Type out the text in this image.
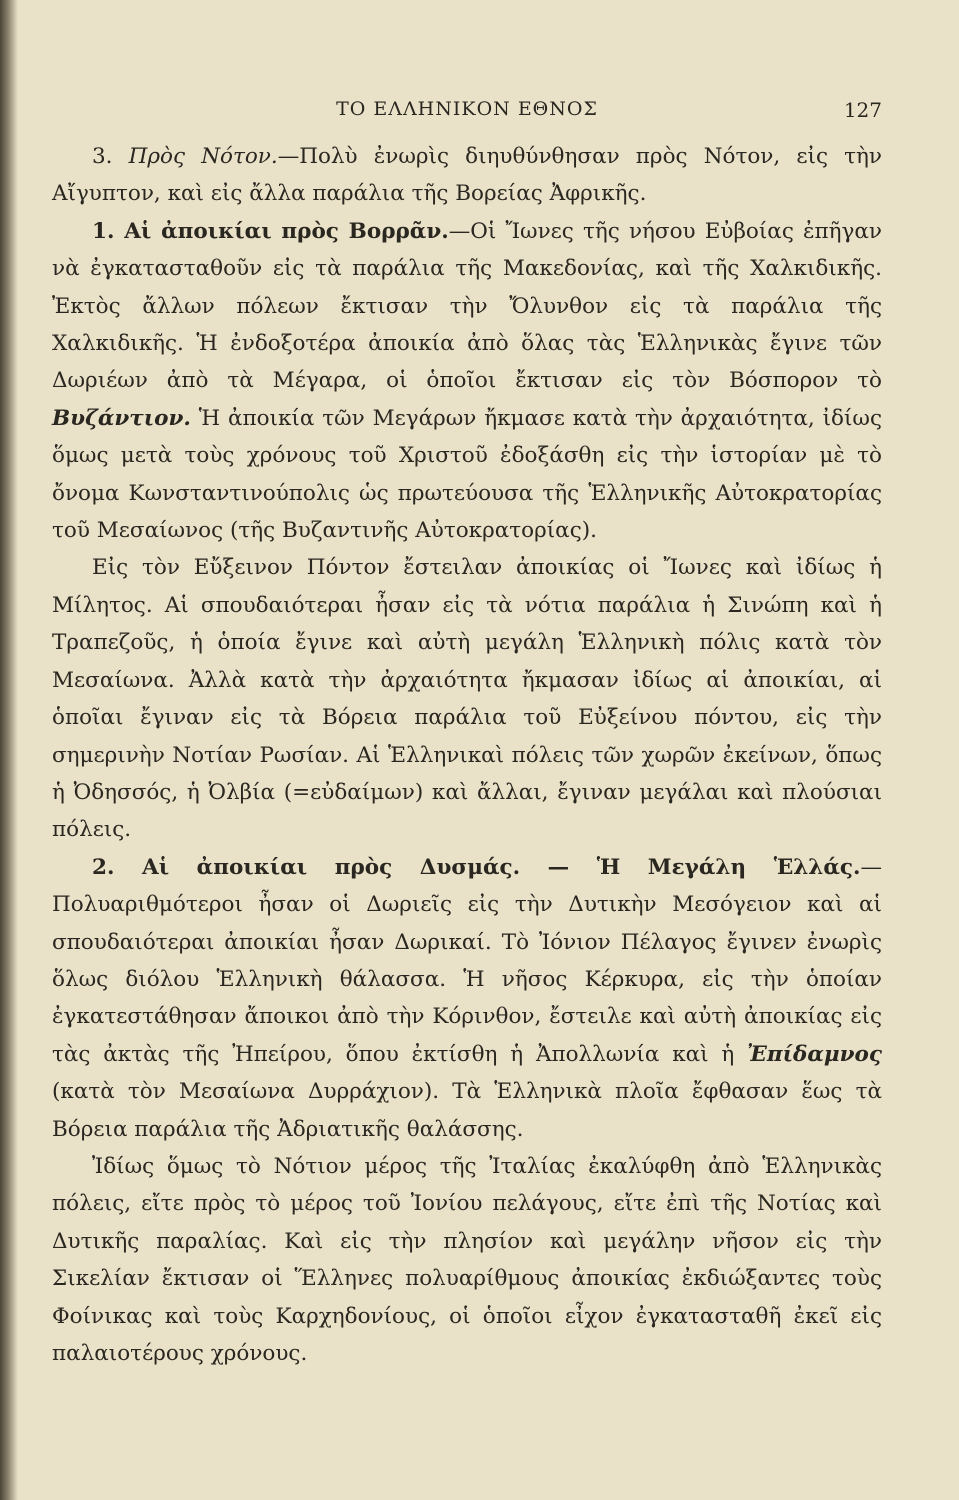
ΤΟ ΕΛΛΗΝΙΚΟΝ ΕΘΝΟΣ	127

3. Πρὸς Νότον.—Πολὺ ἐνωρὶς διηυθύνθησαν πρὸς Νότον, εἰς τὴν Αἴγυπτον, καὶ εἰς ἄλλα παράλια τῆς Βορείας Ἀφρικῆς.

1. Αἱ ἀποικίαι πρὸς Βορρᾶν.—Οἱ Ἴωνες τῆς νήσου Εὐβοίας ἐπῆγαν νὰ ἐγκατασταθοῦν εἰς τὰ παράλια τῆς Μακεδονίας, καὶ τῆς Χαλκιδικῆς. Ἐκτὸς ἄλλων πόλεων ἔκτισαν τὴν Ὄλυνθον εἰς τὰ παράλια τῆς Χαλκιδικῆς. Ἡ ἐνδοξοτέρα ἀποικία ἀπὸ ὅλας τὰς Ἑλληνικὰς ἔγινε τῶν Δωριέων ἀπὸ τὰ Μέγαρα, οἱ ὁποῖοι ἔκτισαν εἰς τὸν Βόσπορον τὸ Βυζάντιον. Ἡ ἀποικία τῶν Μεγάρων ἤκμασε κατὰ τὴν ἀρχαιότητα, ἰδίως ὅμως μετὰ τοὺς χρόνους τοῦ Χριστοῦ ἐδοξάσθη εἰς τὴν ἱστορίαν μὲ τὸ ὄνομα Κωνσταντινούπολις ὡς πρωτεύουσα τῆς Ἑλληνικῆς Αὐτοκρατορίας τοῦ Μεσαίωνος (τῆς Βυζαντινῆς Αὐτοκρατορίας).

Εἰς τὸν Εὔξεινον Πόντον ἔστειλαν ἀποικίας οἱ Ἴωνες καὶ ἰδίως ἡ Μίλητος. Αἱ σπουδαιότεραι ἦσαν εἰς τὰ νότια παράλια ἡ Σινώπη καὶ ἡ Τραπεζοῦς, ἡ ὁποία ἔγινε καὶ αὐτὴ μεγάλη Ἑλληνικὴ πόλις κατὰ τὸν Μεσαίωνα. Ἀλλὰ κατὰ τὴν ἀρχαιότητα ἤκμασαν ἰδίως αἱ ἀποικίαι, αἱ ὁποῖαι ἔγιναν εἰς τὰ Βόρεια παράλια τοῦ Εὐξείνου πόντου, εἰς τὴν σημερινὴν Νοτίαν Ρωσίαν. Αἱ Ἑλληνικαὶ πόλεις τῶν χωρῶν ἐκείνων, ὅπως ἡ Ὀδησσός, ἡ Ὀλβία (=εὐδαίμων) καὶ ἄλλαι, ἔγιναν μεγάλαι καὶ πλούσιαι πόλεις.

2. Αἱ ἀποικίαι πρὸς Δυσμάς. — Ἡ Μεγάλη Ἑλλάς.—Πολυαριθμότεροι ἦσαν οἱ Δωριεῖς εἰς τὴν Δυτικὴν Μεσόγειον καὶ αἱ σπουδαιότεραι ἀποικίαι ἦσαν Δωρικαί. Τὸ Ἰόνιον Πέλαγος ἔγινεν ἐνωρὶς ὅλως διόλου Ἑλληνικὴ θάλασσα. Ἡ νῆσος Κέρκυρα, εἰς τὴν ὁποίαν ἐγκατεστάθησαν ἄποικοι ἀπὸ τὴν Κόρινθον, ἔστειλε καὶ αὐτὴ ἀποικίας εἰς τὰς ἀκτὰς τῆς Ἠπείρου, ὅπου ἐκτίσθη ἡ Ἀπολλωνία καὶ ἡ Ἐπίδαμνος (κατὰ τὸν Μεσαίωνα Δυρράχιον). Τὰ Ἑλληνικὰ πλοῖα ἔφθασαν ἕως τὰ Βόρεια παράλια τῆς Ἀδριατικῆς θαλάσσης.

Ἰδίως ὅμως τὸ Νότιον μέρος τῆς Ἰταλίας ἐκαλύφθη ἀπὸ Ἑλληνικὰς πόλεις, εἴτε πρὸς τὸ μέρος τοῦ Ἰονίου πελάγους, εἴτε ἐπὶ τῆς Νοτίας καὶ Δυτικῆς παραλίας. Καὶ εἰς τὴν πλησίον καὶ μεγάλην νῆσον εἰς τὴν Σικελίαν ἔκτισαν οἱ Ἕλληνες πολυαρίθμους ἀποικίας ἐκδιώξαντες τοὺς Φοίνικας καὶ τοὺς Καρχηδονίους, οἱ ὁποῖοι εἶχον ἐγκατασταθῆ ἐκεῖ εἰς παλαιοτέρους χρόνους.
